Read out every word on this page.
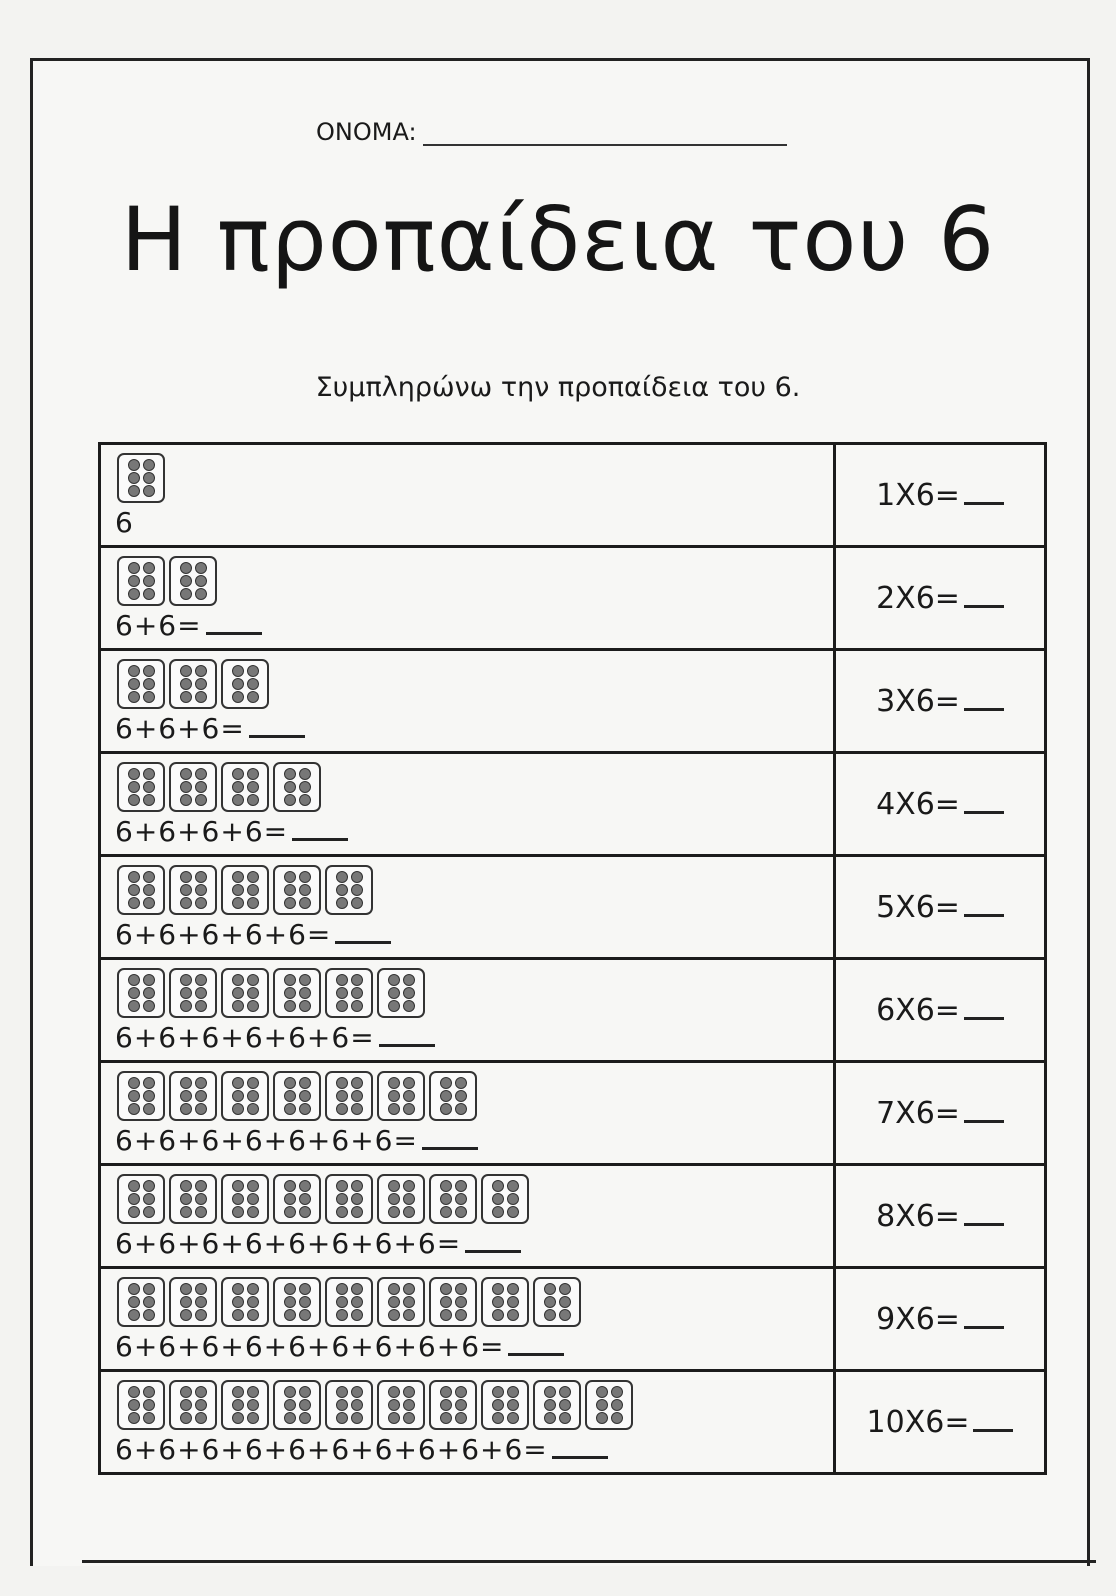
ONOMA:
Η προπαίδεια του 6
Συμπληρώνω την προπαίδεια του 6.
6	1X6=

6+6=	2X6=

6+6+6=	3X6=

6+6+6+6=	4X6=

6+6+6+6+6=	5X6=

6+6+6+6+6+6=	6X6=

6+6+6+6+6+6+6=	7X6=

6+6+6+6+6+6+6+6=	8X6=

6+6+6+6+6+6+6+6+6=	9X6=

6+6+6+6+6+6+6+6+6+6=	10X6=
